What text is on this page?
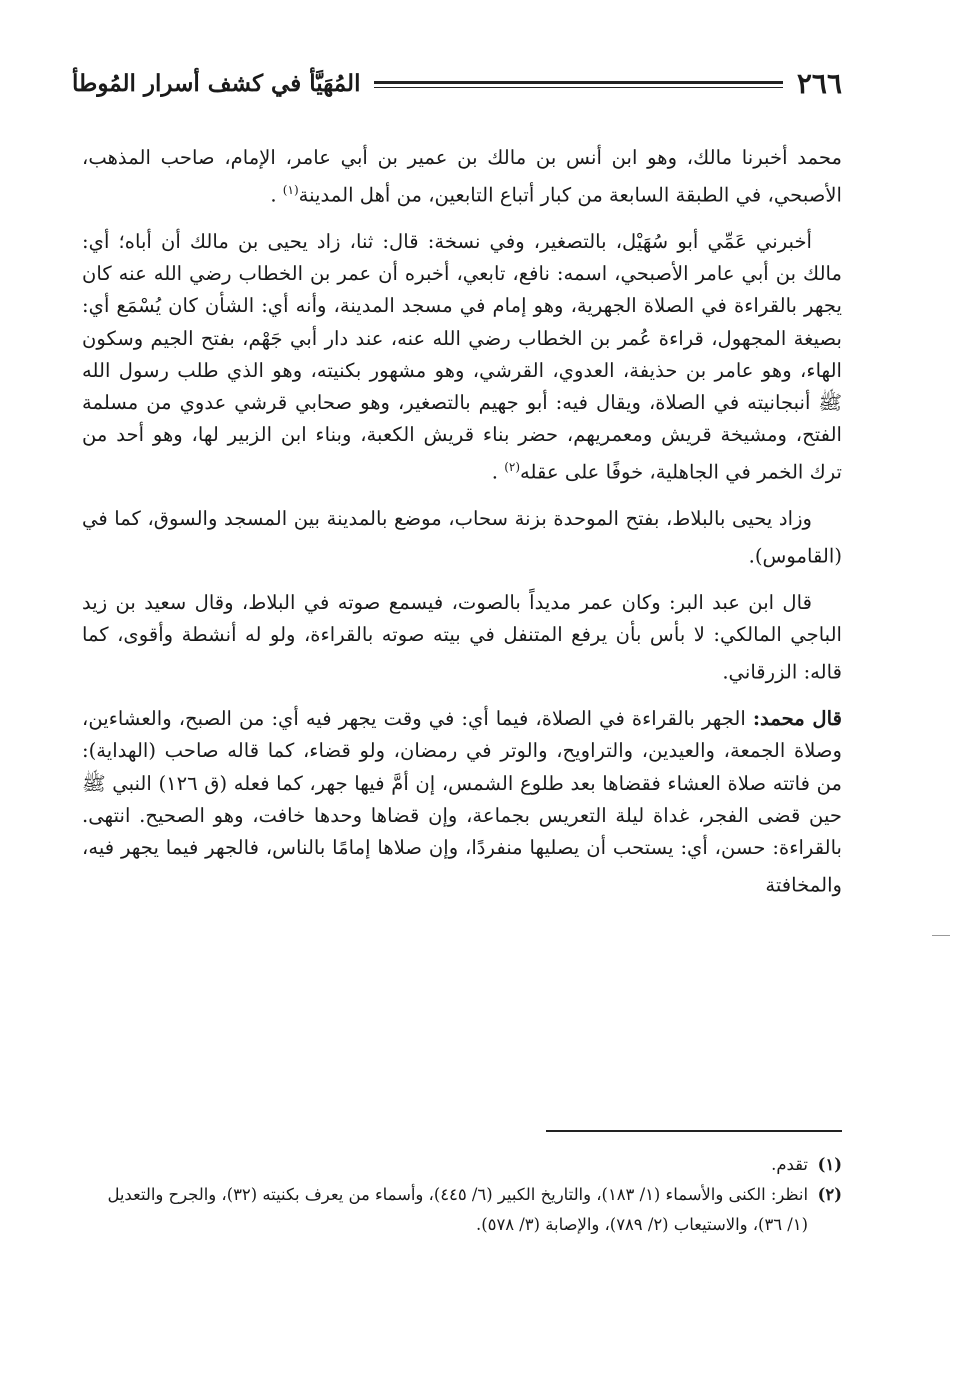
٢٦٦
المُهَيَّأ في كشف أسرار المُوطأ

محمد أخبرنا مالك، وهو ابن أنس بن مالك بن عمير بن أبي عامر، الإمام، صاحب المذهب، الأصبحي، في الطبقة السابعة من كبار أتباع التابعين، من أهل المدينة$^{(١)}$ .

أخبرني عَمِّي أبو سُهَيْل، بالتصغير، وفي نسخة: قال: ثنا، زاد يحيى بن مالك أن أباه؛ أي: مالك بن أبي عامر الأصبحي، اسمه: نافع، تابعي، أخبره أن عمر بن الخطاب رضي الله عنه كان يجهر بالقراءة في الصلاة الجهرية، وهو إمام في مسجد المدينة، وأنه أي: الشأن كان يُسْمَع أي: بصيغة المجهول، قراءة عُمر بن الخطاب رضي الله عنه، عند دار أبي جَهْم، بفتح الجيم وسكون الهاء، وهو عامر بن حذيفة، العدوي، القرشي، وهو مشهور بكنيته، وهو الذي طلب رسول الله ﷺ أنبجانيته في الصلاة، ويقال فيه: أبو جهيم بالتصغير، وهو صحابي قرشي عدوي من مسلمة الفتح، ومشيخة قريش ومعمريهم، حضر بناء قريش الكعبة، وبناء ابن الزبير لها، وهو أحد من ترك الخمر في الجاهلية، خوفًا على عقله$^{(٢)}$ .

وزاد يحيى بالبلاط، بفتح الموحدة بزنة سحاب، موضع بالمدينة بين المسجد والسوق، كما في (القاموس).

قال ابن عبد البر: وكان عمر مديداً بالصوت، فيسمع صوته في البلاط، وقال سعيد بن زيد الباجي المالكي: لا بأس بأن يرفع المتنفل في بيته صوته بالقراءة، ولو له أنشطة وأقوى، كما قاله: الزرقاني.

قال محمد: الجهر بالقراءة في الصلاة، فيما أي: في وقت يجهر فيه أي: من الصبح، والعشاءين، وصلاة الجمعة، والعيدين، والتراويح، والوتر في رمضان، ولو قضاء، كما قاله صاحب (الهداية): من فاتته صلاة العشاء فقضاها بعد طلوع الشمس، إن أمَّ فيها جهر، كما فعله (ق ١٢٦) النبي ﷺ حين قضى الفجر، غداة ليلة التعريس بجماعة، وإن قضاها وحدها خافت، وهو الصحيح. انتهى. بالقراءة: حسن، أي: يستحب أن يصليها منفردًا، وإن صلاها إمامًا بالناس، فالجهر فيما يجهر فيه، والمخافتة

(١)
تقدم.
(٢)
انظر: الكنى والأسماء (١/ ١٨٣)، والتاريخ الكبير (٦/ ٤٤٥)، وأسماء من يعرف بكنيته (٣٢)، والجرح والتعديل (١/ ٣٦)، والاستيعاب (٢/ ٧٨٩)، والإصابة (٣/ ٥٧٨).
